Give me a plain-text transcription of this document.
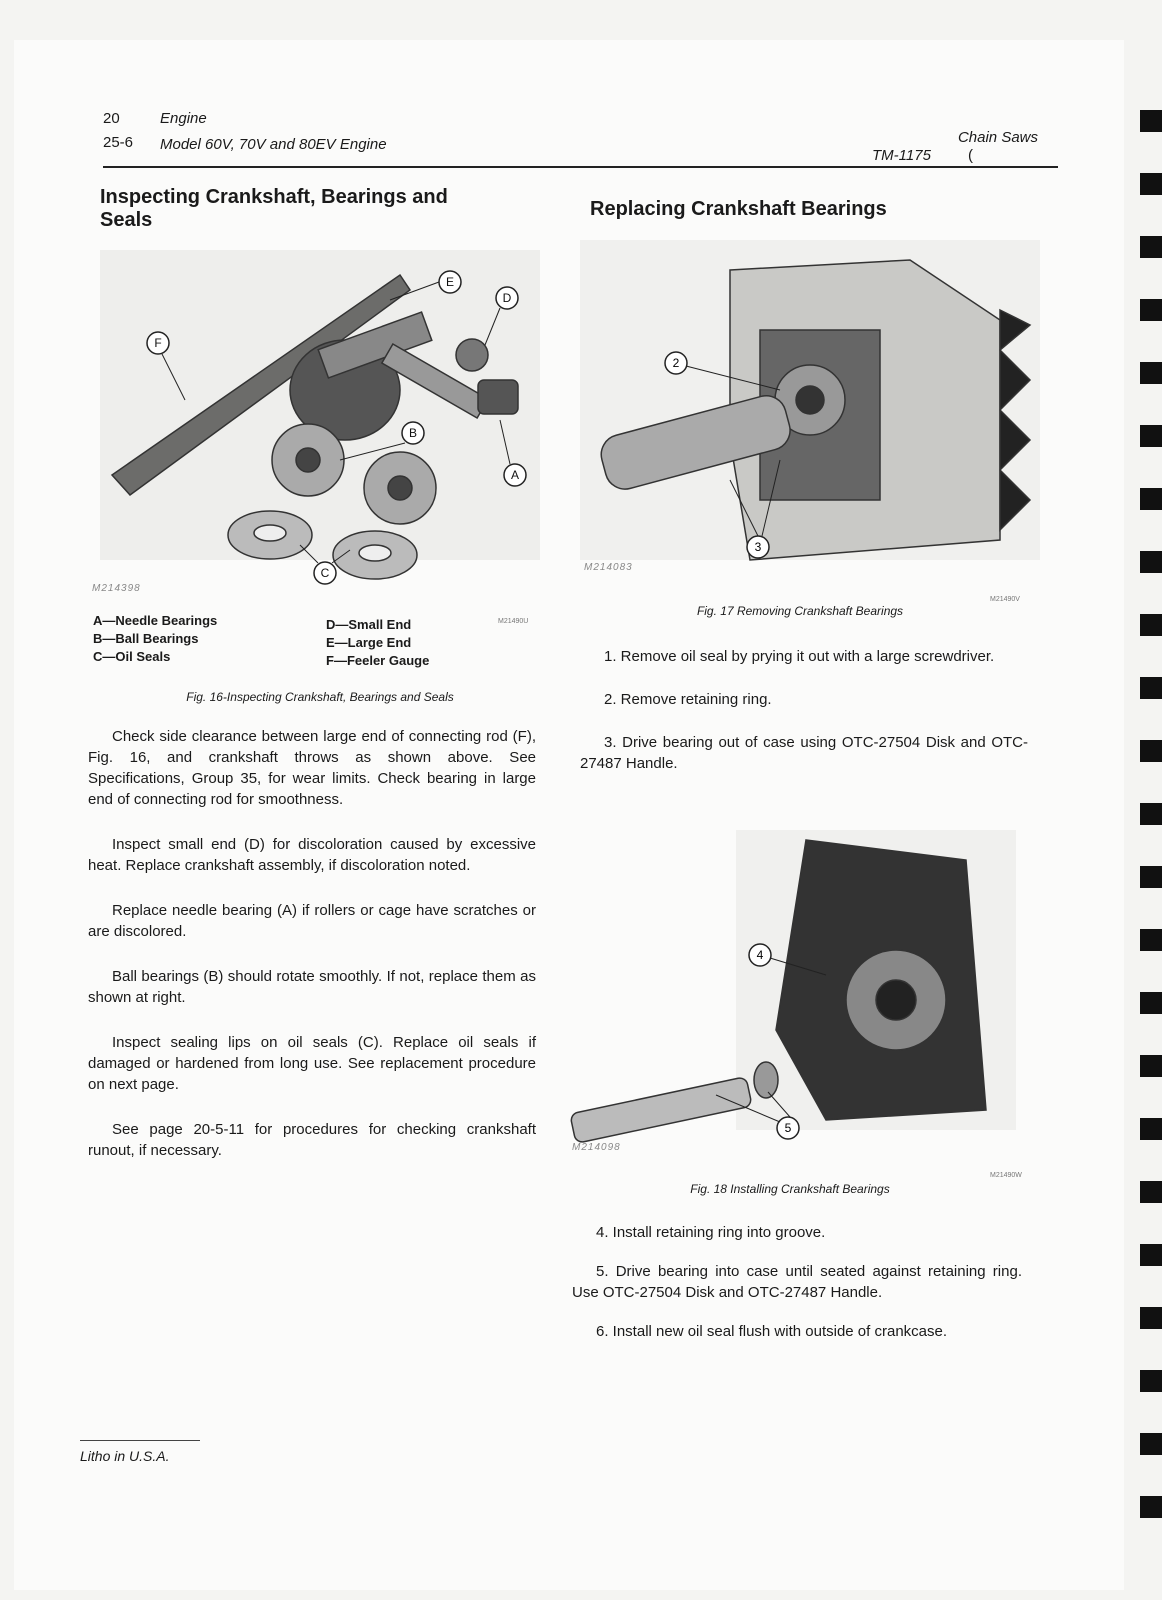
20	Engine
25-6 Model 60V, 70V and 80EV Engine	Chain Saws
TM-1175 (
Inspecting Crankshaft, Bearings and Seals
F
E
D
B
A
C
M214398
M21490U
A—Needle Bearings
B—Ball Bearings
C—Oil Seals
D—Small End
E—Large End
F—Feeler Gauge
Fig. 16-Inspecting Crankshaft, Bearings and Seals

Check side clearance between large end of connecting rod (F), Fig. 16, and crankshaft throws as shown above. See Specifications, Group 35, for wear limits. Check bearing in large end of connecting rod for smoothness.

Inspect small end (D) for discoloration caused by excessive heat. Replace crankshaft assembly, if discoloration noted.

Replace needle bearing (A) if rollers or cage have scratches or are discolored.

Ball bearings (B) should rotate smoothly. If not, replace them as shown at right.

Inspect sealing lips on oil seals (C). Replace oil seals if damaged or hardened from long use. See replacement procedure on next page.

See page 20-5-11 for procedures for checking crankshaft runout, if necessary.

Replacing Crankshaft Bearings
2
3
M214083
M21490V
Fig. 17 Removing Crankshaft Bearings

1. Remove oil seal by prying it out with a large screwdriver.

2. Remove retaining ring.

3. Drive bearing out of case using OTC-27504 Disk and OTC-27487 Handle.

4
5
M214098
M21490W
Fig. 18 Installing Crankshaft Bearings

4. Install retaining ring into groove.

5. Drive bearing into case until seated against retaining ring. Use OTC-27504 Disk and OTC-27487 Handle.

6. Install new oil seal flush with outside of crankcase.

Litho in U.S.A.
